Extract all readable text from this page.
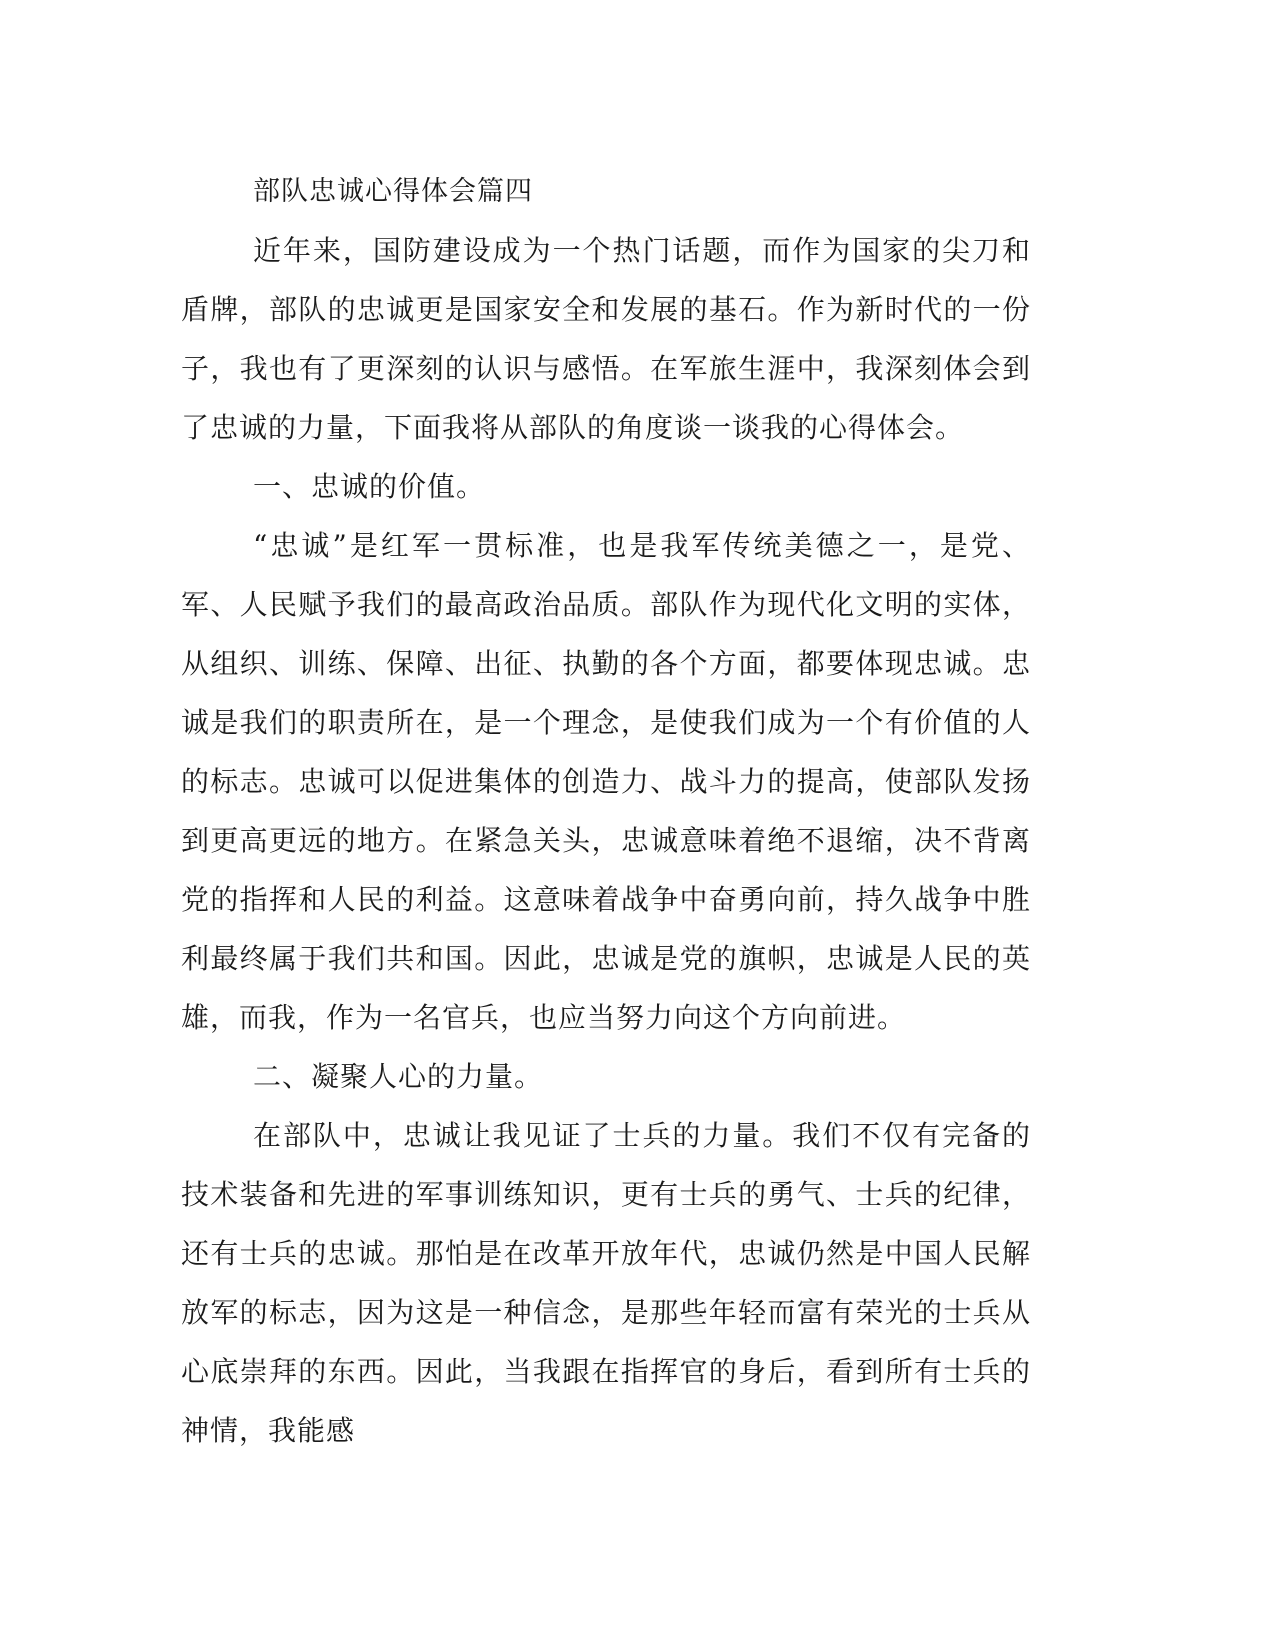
部队忠诚心得体会篇四

近年来，国防建设成为一个热门话题，而作为国家的尖刀和盾牌，部队的忠诚更是国家安全和发展的基石。作为新时代的一份子，我也有了更深刻的认识与感悟。在军旅生涯中，我深刻体会到了忠诚的力量，下面我将从部队的角度谈一谈我的心得体会。

一、忠诚的价值。

“忠诚”是红军一贯标准，也是我军传统美德之一，是党、军、人民赋予我们的最高政治品质。部队作为现代化文明的实体，从组织、训练、保障、出征、执勤的各个方面，都要体现忠诚。忠诚是我们的职责所在，是一个理念，是使我们成为一个有价值的人的标志。忠诚可以促进集体的创造力、战斗力的提高，使部队发扬到更高更远的地方。在紧急关头，忠诚意味着绝不退缩，决不背离党的指挥和人民的利益。这意味着战争中奋勇向前，持久战争中胜利最终属于我们共和国。因此，忠诚是党的旗帜，忠诚是人民的英雄，而我，作为一名官兵，也应当努力向这个方向前进。

二、凝聚人心的力量。

在部队中，忠诚让我见证了士兵的力量。我们不仅有完备的技术装备和先进的军事训练知识，更有士兵的勇气、士兵的纪律，还有士兵的忠诚。那怕是在改革开放年代，忠诚仍然是中国人民解放军的标志，因为这是一种信念，是那些年轻而富有荣光的士兵从心底崇拜的东西。因此，当我跟在指挥官的身后，看到所有士兵的神情，我能感
